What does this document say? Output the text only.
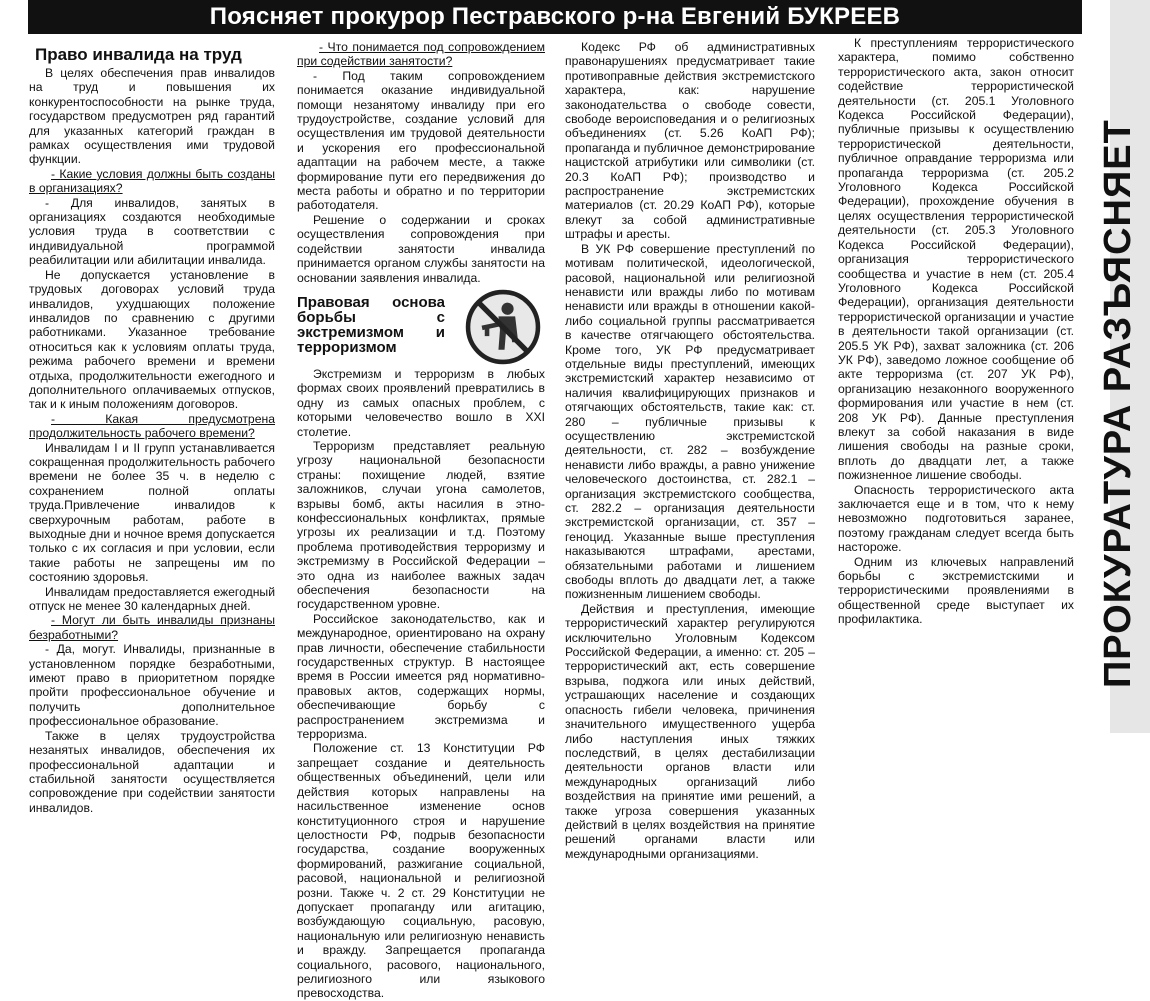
Поясняет прокурор Пестравского р-на Евгений БУКРЕЕВ
ПРОКУРАТУРА РАЗЪЯСНЯЕТ
Право инвалида на труд

В целях обеспечения прав инвалидов на труд и повышения их конкурентоспособности на рынке труда, государством предусмотрен ряд гарантий для указанных категорий граждан в рамках осуществления ими трудовой функции.

- Какие условия должны быть созданы в организациях?

- Для инвалидов, занятых в организациях создаются необходимые условия труда в соответствии с индивидуальной программой реабилитации или абилитации инвалида.

Не допускается установление в трудовых договорах условий труда инвалидов, ухудшающих положение инвалидов по сравнению с другими работниками. Указанное требование относиться как к условиям оплаты труда, режима рабочего времени и времени отдыха, продолжительности ежегодного и дополнительного оплачиваемых отпусков, так и к иным положениям договоров.

- Какая предусмотрена продолжительность рабочего времени?

Инвалидам I и II групп устанавливается сокращенная продолжительность рабочего времени не более 35 ч. в неделю с сохранением полной оплаты труда.Привлечение инвалидов к сверхурочным работам, работе в выходные дни и ночное время допускается только с их согласия и при условии, если такие работы не запрещены им по состоянию здоровья.

Инвалидам предоставляется ежегодный отпуск не менее 30 календарных дней.

- Могут ли быть инвалиды признаны безработными?

- Да, могут. Инвалиды, признанные в установленном порядке безработными, имеют право в приоритетном порядке пройти профессиональное обучение и получить дополнительное профессиональное образование.

Также в целях трудоустройства незанятых инвалидов, обеспечения их профессиональной адаптации и стабильной занятости осуществляется сопровождение при содействии занятости инвалидов.

- Что понимается под сопровождением при содействии занятости?

- Под таким сопровождением понимается оказание индивидуальной помощи незанятому инвалиду при его трудоустройстве, создание условий для осуществления им трудовой деятельности и ускорения его профессиональной адаптации на рабочем месте, а также формирование пути его передвижения до места работы и обратно и по территории работодателя.

Решение о содержании и сроках осуществления сопровождения при содействии занятости инвалида принимается органом службы занятости на основании заявления инвалида.

Правовая основа борьбы с экстремизмом и терроризмом

Экстремизм и терроризм в любых формах своих проявлений превратились в одну из самых опасных проблем, с которыми человечество вошло в XXI столетие.

Терроризм представляет реальную угрозу национальной безопасности страны: похищение людей, взятие заложников, случаи угона самолетов, взрывы бомб, акты насилия в этно-конфессиональных конфликтах, прямые угрозы их реализации и т.д. Поэтому проблема противодействия терроризму и экстремизму в Российской Федерации – это одна из наиболее важных задач обеспечения безопасности на государственном уровне.

Российское законодательство, как и международное, ориентировано на охрану прав личности, обеспечение стабильности государственных структур. В настоящее время в России имеется ряд нормативно-правовых актов, содержащих нормы, обеспечивающие борьбу с распространением экстремизма и терроризма.

Положение ст. 13 Конституции РФ запрещает создание и деятельность общественных объединений, цели или действия которых направлены на насильственное изменение основ конституционного строя и нарушение целостности РФ, подрыв безопасности государства, создание вооруженных формирований, разжигание социальной, расовой, национальной и религиозной розни. Также ч. 2 ст. 29 Конституции не допускает пропаганду или агитацию, возбуждающую социальную, расовую, национальную или религиозную ненависть и вражду. Запрещается пропаганда социального, расового, национального, религиозного или языкового превосходства.

Кодекс РФ об административных правонарушениях предусматривает такие противоправные действия экстремистского характера, как: нарушение законодательства о свободе совести, свободе вероисповедания и о религиозных объединениях (ст. 5.26 КоАП РФ); пропаганда и публичное демонстрирование нацистской атрибутики или символики (ст. 20.3 КоАП РФ); производство и распространение экстремистских материалов (ст. 20.29 КоАП РФ), которые влекут за собой административные штрафы и аресты.

В УК РФ совершение преступлений по мотивам политической, идеологической, расовой, национальной или религиозной ненависти или вражды либо по мотивам ненависти или вражды в отношении какой-либо социальной группы рассматривается в качестве отягчающего обстоятельства. Кроме того, УК РФ предусматривает отдельные виды преступлений, имеющих экстремистский характер независимо от наличия квалифицирующих признаков и отягчающих обстоятельств, такие как: ст. 280 – публичные призывы к осуществлению экстремистской деятельности, ст. 282 – возбуждение ненависти либо вражды, а равно унижение человеческого достоинства, ст. 282.1 – организация экстремистского сообщества, ст. 282.2 – организация деятельности экстремистской организации, ст. 357 – геноцид. Указанные выше преступления наказываются штрафами, арестами, обязательными работами и лишением свободы вплоть до двадцати лет, а также пожизненным лишением свободы.

Действия и преступления, имеющие террористический характер регулируются исключительно Уголовным Кодексом Российской Федерации, а именно: ст. 205 – террористический акт, есть совершение взрыва, поджога или иных действий, устрашающих население и создающих опасность гибели человека, причинения значительного имущественного ущерба либо наступления иных тяжких последствий, в целях дестабилизации деятельности органов власти или международных организаций либо воздействия на принятие ими решений, а также угроза совершения указанных действий в целях воздействия на принятие решений органами власти или международными организациями.

К преступлениям террористического характера, помимо собственно террористического акта, закон относит содействие террористической деятельности (ст. 205.1 Уголовного Кодекса Российской Федерации), публичные призывы к осуществлению террористической деятельности, публичное оправдание терроризма или пропаганда терроризма (ст. 205.2 Уголовного Кодекса Российской Федерации), прохождение обучения в целях осуществления террористической деятельности (ст. 205.3 Уголовного Кодекса Российской Федерации), организация террористического сообщества и участие в нем (ст. 205.4 Уголовного Кодекса Российской Федерации), организация деятельности террористической организации и участие в деятельности такой организации (ст. 205.5 УК РФ), захват заложника (ст. 206 УК РФ), заведомо ложное сообщение об акте терроризма (ст. 207 УК РФ), организацию незаконного вооруженного формирования или участие в нем (ст. 208 УК РФ). Данные преступления влекут за собой наказания в виде лишения свободы на разные сроки, вплоть до двадцати лет, а также пожизненное лишение свободы.

Опасность террористического акта заключается еще и в том, что к нему невозможно подготовиться заранее, поэтому гражданам следует всегда быть настороже.

Одним из ключевых направлений борьбы с экстремистскими и террористическими проявлениями в общественной среде выступает их профилактика.
